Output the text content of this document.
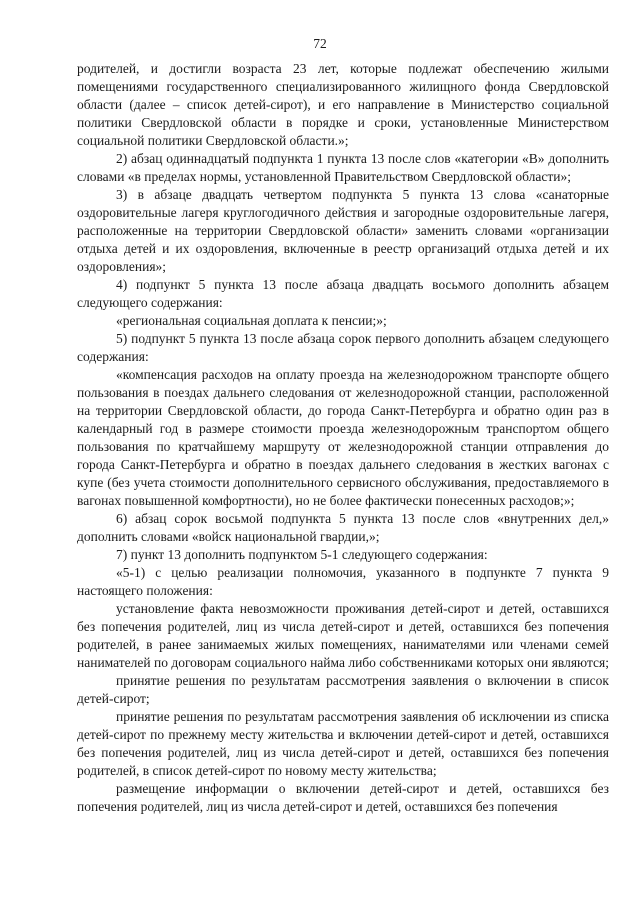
72

родителей, и достигли возраста 23 лет, которые подлежат обеспечению жилыми помещениями государственного специализированного жилищного фонда Свердловской области (далее – список детей-сирот), и его направление в Министерство социальной политики Свердловской области в порядке и сроки, установленные Министерством социальной политики Свердловской области.»;

2) абзац одиннадцатый подпункта 1 пункта 13 после слов «категории «В» дополнить словами «в пределах нормы, установленной Правительством Свердловской области»;

3) в абзаце двадцать четвертом подпункта 5 пункта 13 слова «санаторные оздоровительные лагеря круглогодичного действия и загородные оздоровительные лагеря, расположенные на территории Свердловской области» заменить словами «организации отдыха детей и их оздоровления, включенные в реестр организаций отдыха детей и их оздоровления»;

4) подпункт 5 пункта 13 после абзаца двадцать восьмого дополнить абзацем следующего содержания:

«региональная социальная доплата к пенсии;»;

5) подпункт 5 пункта 13 после абзаца сорок первого дополнить абзацем следующего содержания:

«компенсация расходов на оплату проезда на железнодорожном транспорте общего пользования в поездах дальнего следования от железнодорожной станции, расположенной на территории Свердловской области, до города Санкт-Петербурга и обратно один раз в календарный год в размере стоимости проезда железнодорожным транспортом общего пользования по кратчайшему маршруту от железнодорожной станции отправления до города Санкт-Петербурга и обратно в поездах дальнего следования в жестких вагонах с купе (без учета стоимости дополнительного сервисного обслуживания, предоставляемого в вагонах повышенной комфортности), но не более фактически понесенных расходов;»;

6) абзац сорок восьмой подпункта 5 пункта 13 после слов «внутренних дел,» дополнить словами «войск национальной гвардии,»;

7) пункт 13 дополнить подпунктом 5-1 следующего содержания:

«5-1) с целью реализации полномочия, указанного в подпункте 7 пункта 9 настоящего положения:

установление факта невозможности проживания детей-сирот и детей, оставшихся без попечения родителей, лиц из числа детей-сирот и детей, оставшихся без попечения родителей, в ранее занимаемых жилых помещениях, нанимателями или членами семей нанимателей по договорам социального найма либо собственниками которых они являются;

принятие решения по результатам рассмотрения заявления о включении в список детей-сирот;

принятие решения по результатам рассмотрения заявления об исключении из списка детей-сирот по прежнему месту жительства и включении детей-сирот и детей, оставшихся без попечения родителей, лиц из числа детей-сирот и детей, оставшихся без попечения родителей, в список детей-сирот по новому месту жительства;

размещение информации о включении детей-сирот и детей, оставшихся без попечения родителей, лиц из числа детей-сирот и детей, оставшихся без попечения
